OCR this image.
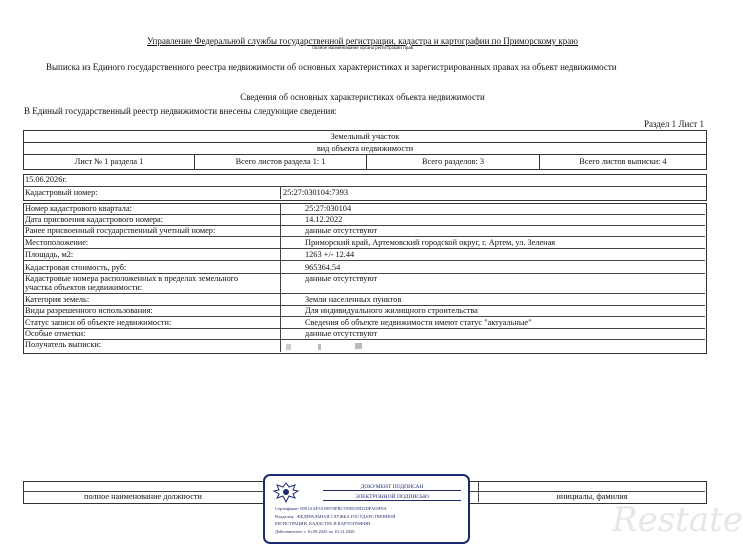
Управление Федеральной службы государственной регистрации, кадастра и картографии по Приморскому краю
полное наименование органа регистрации прав
Выписка из Единого государственного реестра недвижимости об основных характеристиках и зарегистрированных правах на объект недвижимости
Сведения об основных характеристиках объекта недвижимости
В Единый государственный реестр недвижимости внесены следующие сведения:
Раздел 1 Лист 1
Земельный участок
вид объекта недвижимости
Лист № 1 раздела 1	Всего листов раздела 1: 1	Всего разделов: 3	Всего листов выписки: 4
15.06.2026г.
Кадастровый номер:	25:27:030104:7393
Номер кадастрового квартала:	25:27:030104
Дата присвоения кадастрового номера:	14.12.2022
Ранее присвоенный государственный учетный номер:	данные отсутствуют
Местоположение:	Приморский край, Артемовский городской округ, г. Артем, ул. Зеленая
Площадь, м2:	1263 +/- 12.44
Кадастровая стоимость, руб:	965364.54
Кадастровые номера расположенных в пределах земельного
участка объектов недвижимости:
данные отсутствуют
Категория земель:	Земли населенных пунктов
Виды разрешенного использования:	Для индивидуального жилищного строительства
Статус записи об объекте недвижимости:	Сведения об объекте недвижимости имеют статус "актуальные"
Особые отметки:	данные отсутствуют
Получатель выписки:
полное наименование должности	инициалы, фамилия
ДОКУМЕНТ ПОДПИСАН
ЭЛЕКТРОННОЙ ПОДПИСЬЮ
Сертификат: 0091AAF3A59970FBCTE9D3ND2DFA05F8A
Владелец: ФЕДЕРАЛЬНАЯ СЛУЖБА ГОСУДАРСТВЕННОЙ
РЕГИСТРАЦИИ, КАДАСТРА И КАРТОГРАФИИ
Действителен: с 16.09.2025 по 10.12.2026	Restate
